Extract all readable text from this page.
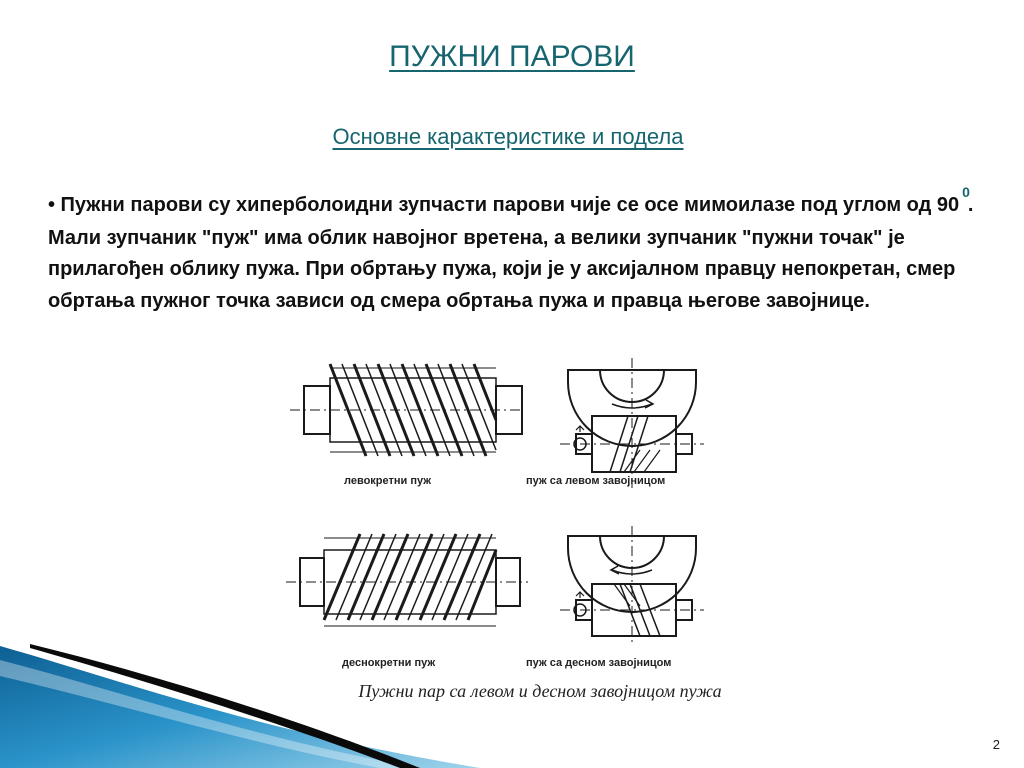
ПУЖНИ ПАРОВИ
Основне карактеристике и подела
• Пужни парови су хиперболоидни зупчасти парови чије се осе мимоилазе под углом од $90^0$. Мали зупчаник "пуж" има облик навојног вретена, а велики зупчаник "пужни точак" је прилагођен облику пужа. При обртању пужа, који је у аксијалном правцу непокретан, смер обртања пужног точка зависи од смера обртања пужа и правца његове завојнице.
левокретни пуж	пуж са левом завојницом
деснокретни пуж	пуж са десном завојницом
Пужни пар са левом и десном завојницом пужа
2
